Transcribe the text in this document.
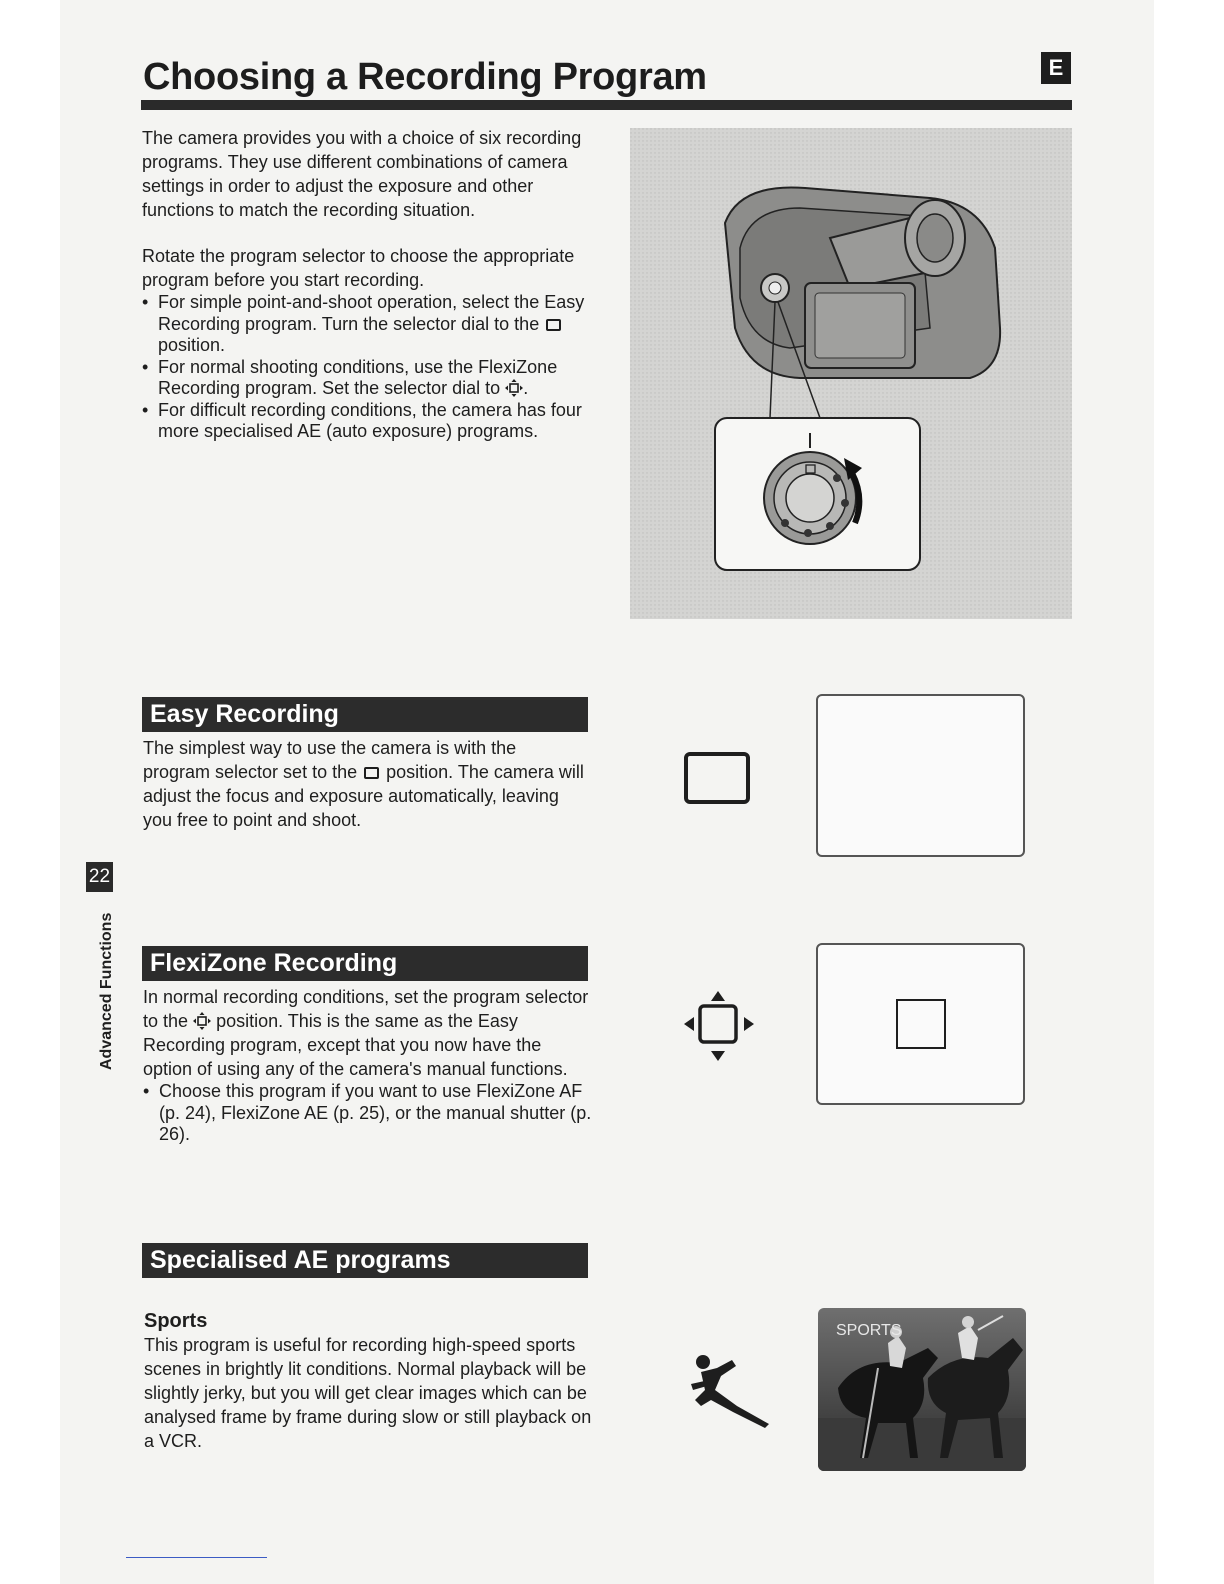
Choosing a Recording Program	E

The camera provides you with a choice of six recording programs. They use different combinations of camera settings in order to adjust the exposure and other functions to match the recording situation.

Rotate the program selector to choose the appropriate program before you start recording.

• For simple point-and-shoot operation, select the Easy Recording program. Turn the selector dial to the  position.
• For normal shooting conditions, use the FlexiZone Recording program. Set the selector dial to .
• For difficult recording conditions, the camera has four more specialised AE (auto exposure) programs.
Easy Recording

The simplest way to use the camera is with the program selector set to the position. The camera will adjust the focus and exposure automatically, leaving you free to point and shoot.

FlexiZone Recording

In normal recording conditions, set the program selector to the position. This is the same as the Easy Recording program, except that you now have the option of using any of the camera's manual functions.

• Choose this program if you want to use FlexiZone AF (p. 24), FlexiZone AE (p. 25), or the manual shutter (p. 26).
Specialised AE programs

Sports

This program is useful for recording high-speed sports scenes in brightly lit conditions. Normal playback will be slightly jerky, but you will get clear images which can be analysed frame by frame during slow or still playback on a VCR.

SPORTS
22
Advanced Functions
